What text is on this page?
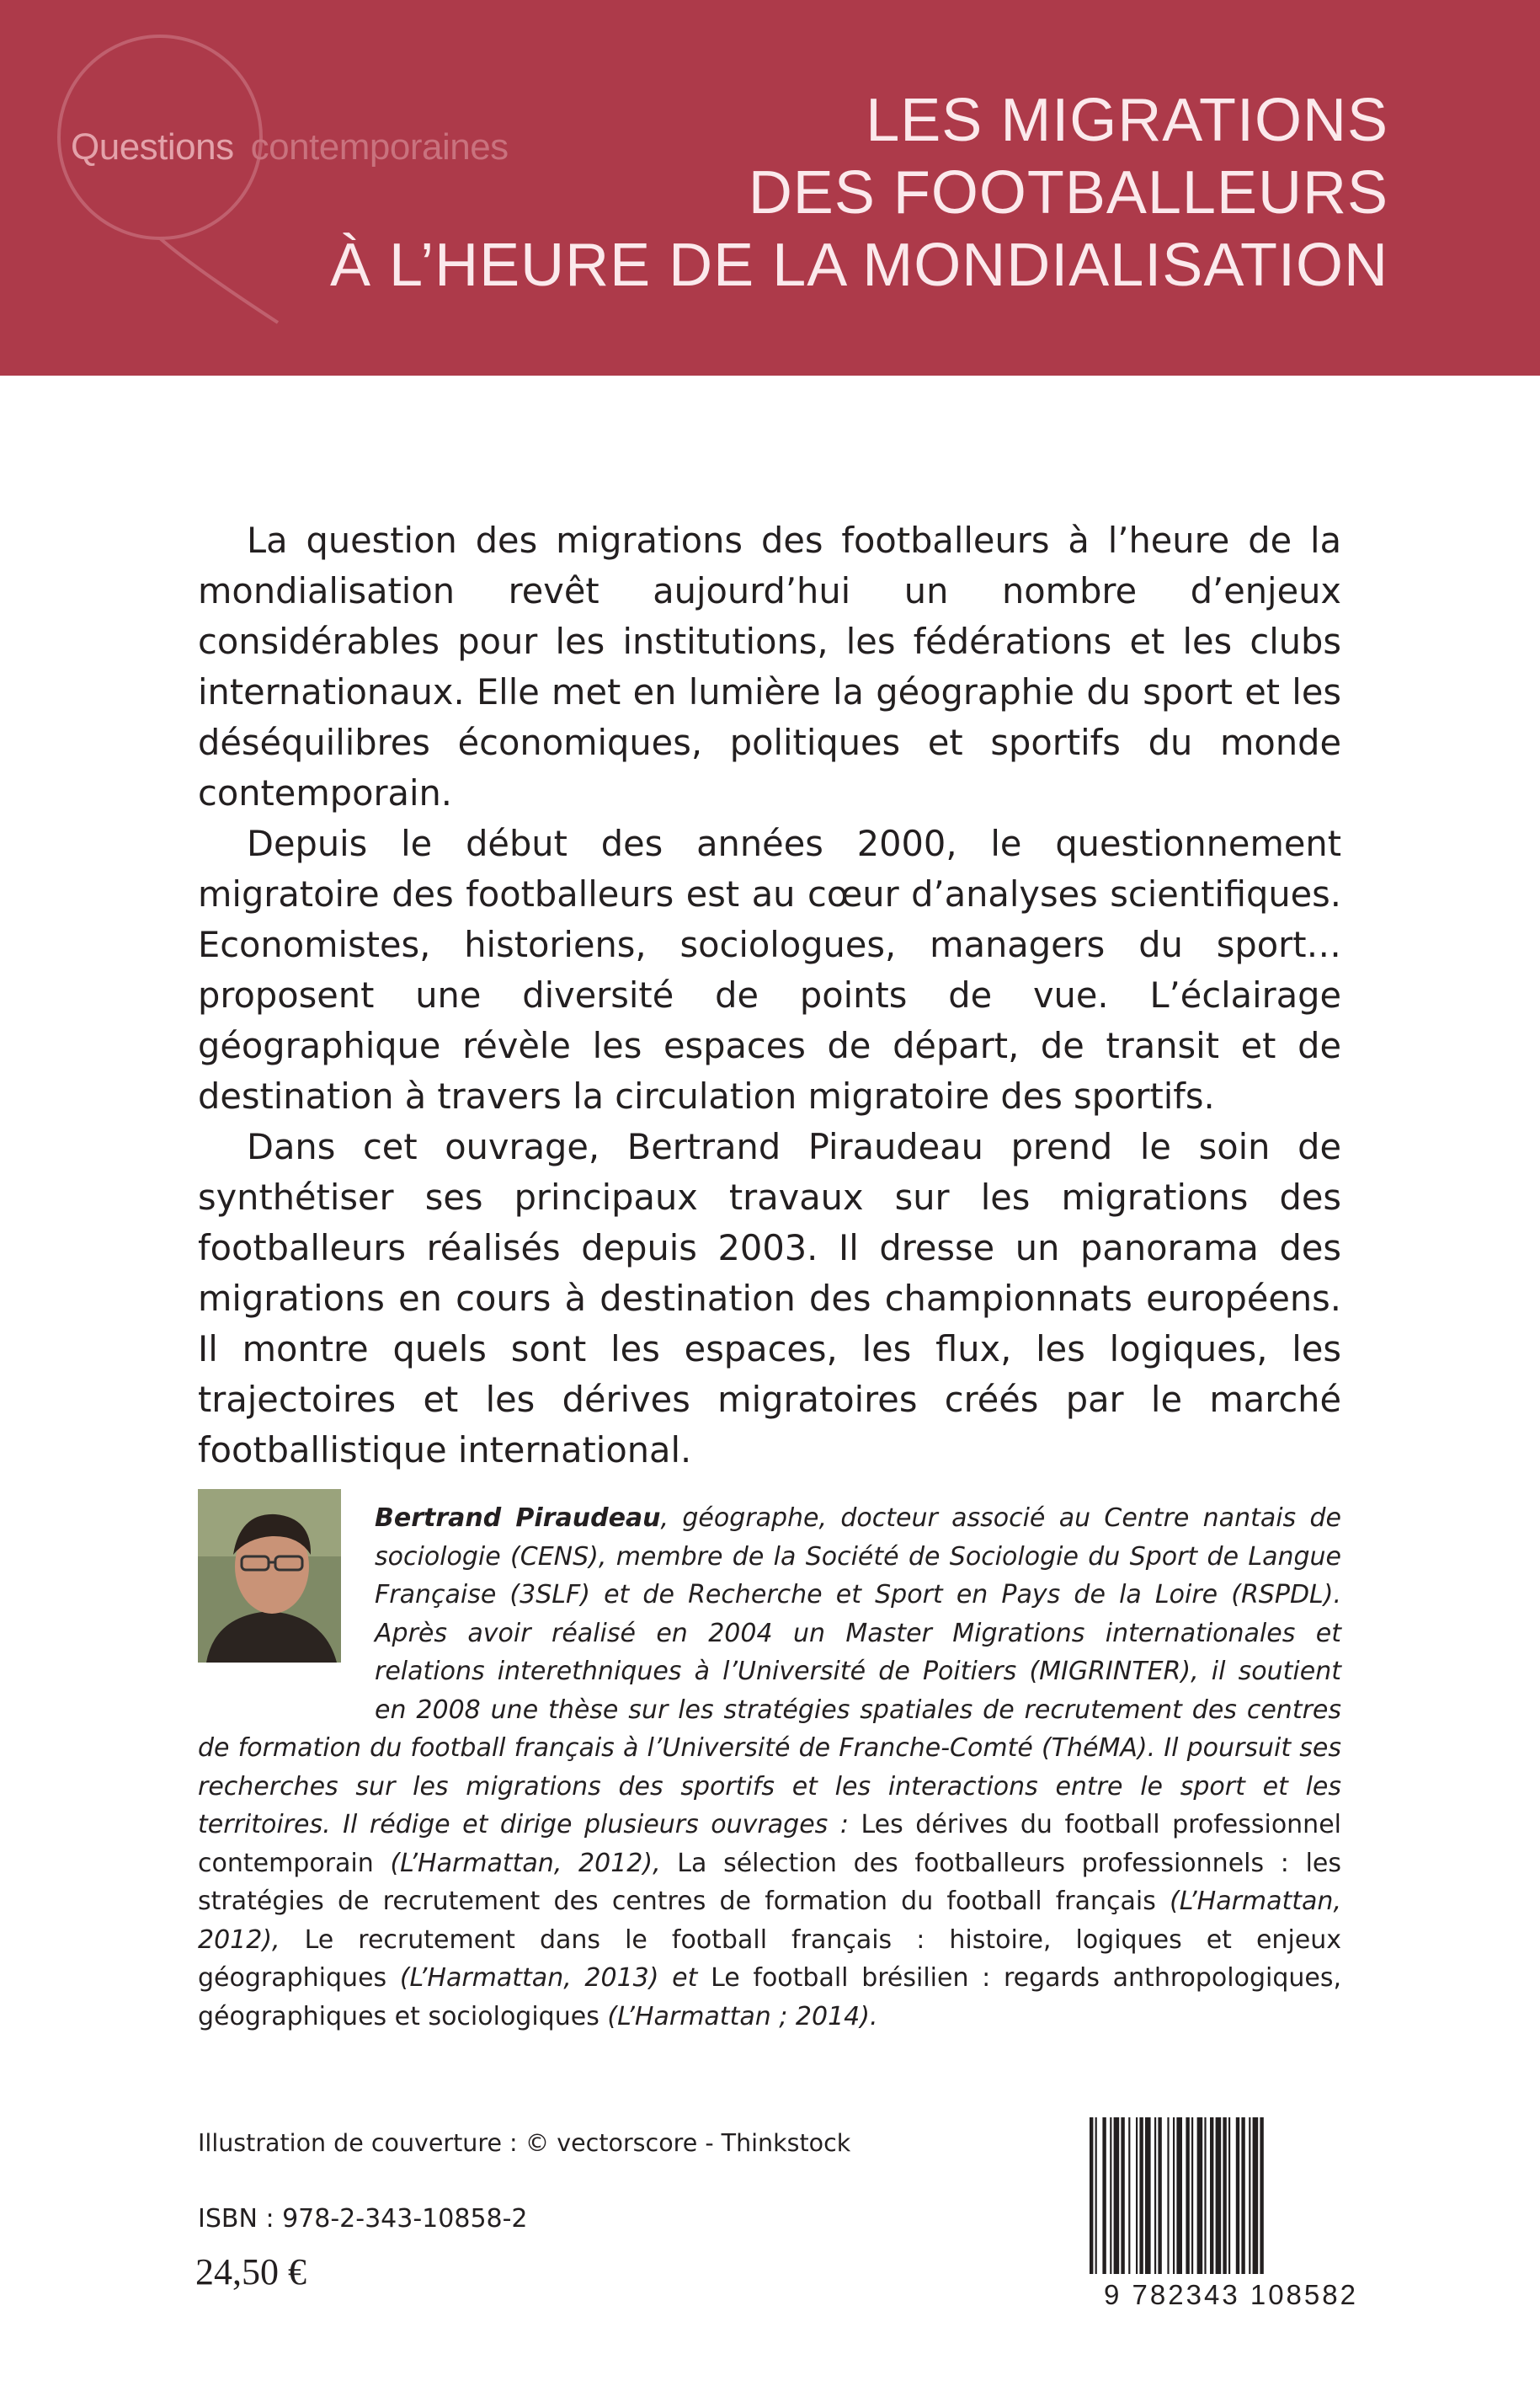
Questions contemporaines	LES MIGRATIONS
DES FOOTBALLEURS
À L’HEURE DE LA MONDIALISATION

La question des migrations des footballeurs à l’heure de la mondialisation revêt aujourd’hui un nombre d’enjeux considérables pour les institutions, les fédérations et les clubs internationaux. Elle met en lumière la géographie du sport et les déséquilibres économiques, politiques et sportifs du monde contemporain.

Depuis le début des années 2000, le questionnement migratoire des footballeurs est au cœur d’analyses scientifiques. Economistes, historiens, sociologues, managers du sport… proposent une diversité de points de vue. L’éclairage géographique révèle les espaces de départ, de transit et de destination à travers la circulation migratoire des sportifs.

Dans cet ouvrage, Bertrand Piraudeau prend le soin de synthétiser ses principaux travaux sur les migrations des footballeurs réalisés depuis 2003. Il dresse un panorama des migrations en cours à destination des championnats européens. Il montre quels sont les espaces, les flux, les logiques, les trajectoires et les dérives migratoires créés par le marché footballistique international.

Bertrand Piraudeau, géographe, docteur associé au Centre nantais de sociologie (CENS), membre de la Société de Sociologie du Sport de Langue Française (3SLF) et de Recherche et Sport en Pays de la Loire (RSPDL). Après avoir réalisé en 2004 un Master Migrations internationales et relations interethniques à l’Université de Poitiers (MIGRINTER), il soutient en 2008 une thèse sur les stratégies spatiales de recrutement des centres de formation du football français à l’Université de Franche-Comté (ThéMA). Il poursuit ses recherches sur les migrations des sportifs et les interactions entre le sport et les territoires. Il rédige et dirige plusieurs ouvrages : Les dérives du football professionnel contemporain (L’Harmattan, 2012), La sélection des footballeurs professionnels : les stratégies de recrutement des centres de formation du football français (L’Harmattan, 2012), Le recrutement dans le football français : histoire, logiques et enjeux géographiques (L’Harmattan, 2013) et Le football brésilien : regards anthropologiques, géographiques et sociologiques (L’Harmattan ; 2014).
Illustration de couverture : © vectorscore - Thinkstock
ISBN : 978-2-343-10858-2
24,50 €
9 782343 108582
